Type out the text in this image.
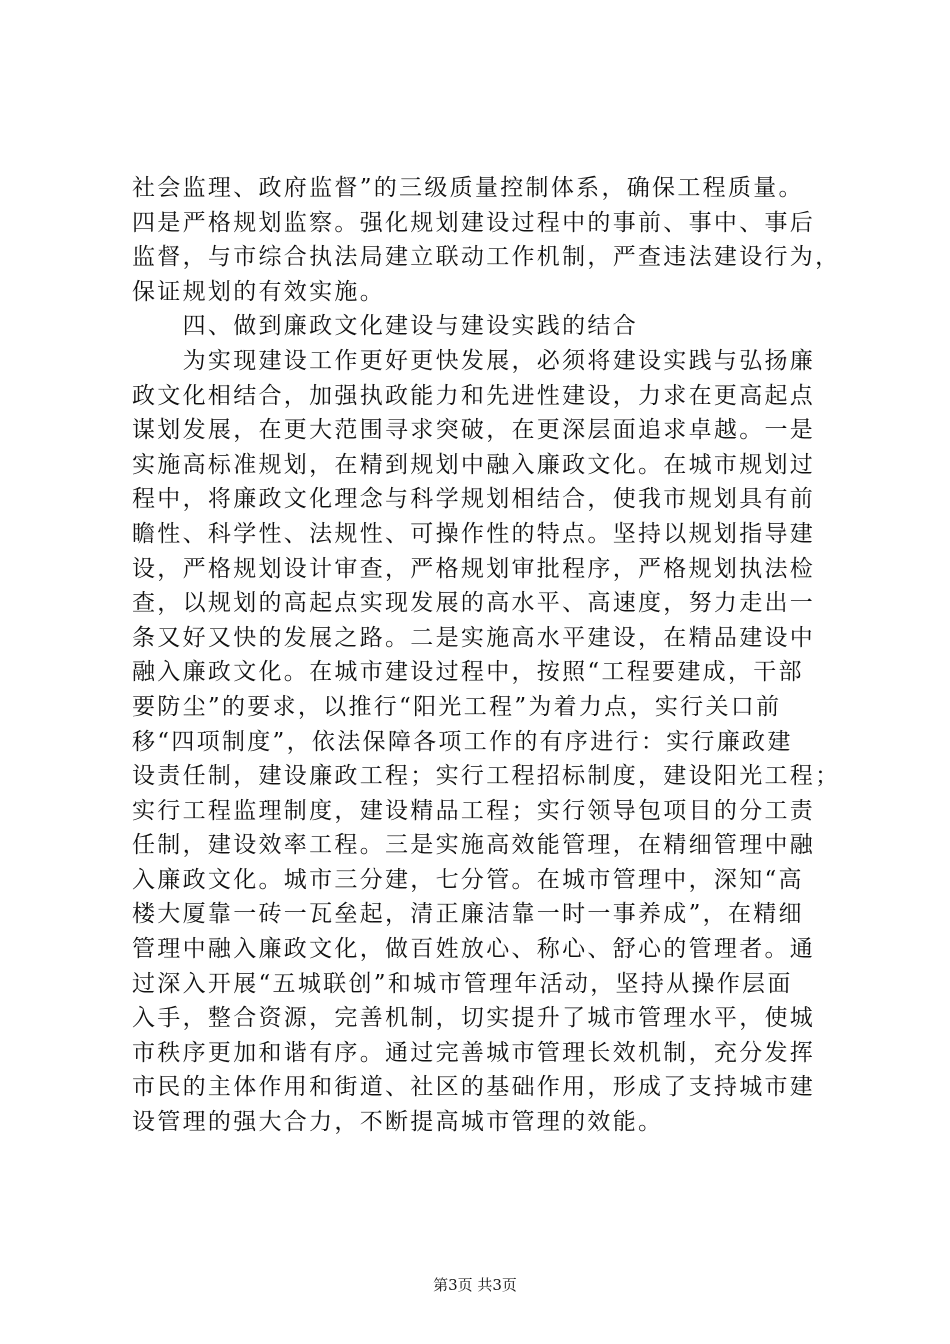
社会监理、政府监督”的三级质量控制体系，确保工程质量。
四是严格规划监察。强化规划建设过程中的事前、事中、事后
监督，与市综合执法局建立联动工作机制，严查违法建设行为，
保证规划的有效实施。
　　四、做到廉政文化建设与建设实践的结合
　　为实现建设工作更好更快发展，必须将建设实践与弘扬廉
政文化相结合，加强执政能力和先进性建设，力求在更高起点
谋划发展，在更大范围寻求突破，在更深层面追求卓越。一是
实施高标准规划，在精到规划中融入廉政文化。在城市规划过
程中，将廉政文化理念与科学规划相结合，使我市规划具有前
瞻性、科学性、法规性、可操作性的特点。坚持以规划指导建
设，严格规划设计审查，严格规划审批程序，严格规划执法检
查，以规划的高起点实现发展的高水平、高速度，努力走出一
条又好又快的发展之路。二是实施高水平建设，在精品建设中
融入廉政文化。在城市建设过程中，按照“工程要建成，干部
要防尘”的要求，以推行“阳光工程”为着力点，实行关口前
移“四项制度”，依法保障各项工作的有序进行：实行廉政建
设责任制，建设廉政工程；实行工程招标制度，建设阳光工程；
实行工程监理制度，建设精品工程；实行领导包项目的分工责
任制，建设效率工程。三是实施高效能管理，在精细管理中融
入廉政文化。城市三分建，七分管。在城市管理中，深知“高
楼大厦靠一砖一瓦垒起，清正廉洁靠一时一事养成”，在精细
管理中融入廉政文化，做百姓放心、称心、舒心的管理者。通
过深入开展“五城联创”和城市管理年活动，坚持从操作层面
入手，整合资源，完善机制，切实提升了城市管理水平，使城
市秩序更加和谐有序。通过完善城市管理长效机制，充分发挥
市民的主体作用和街道、社区的基础作用，形成了支持城市建
设管理的强大合力，不断提高城市管理的效能。
第3页 共3页
